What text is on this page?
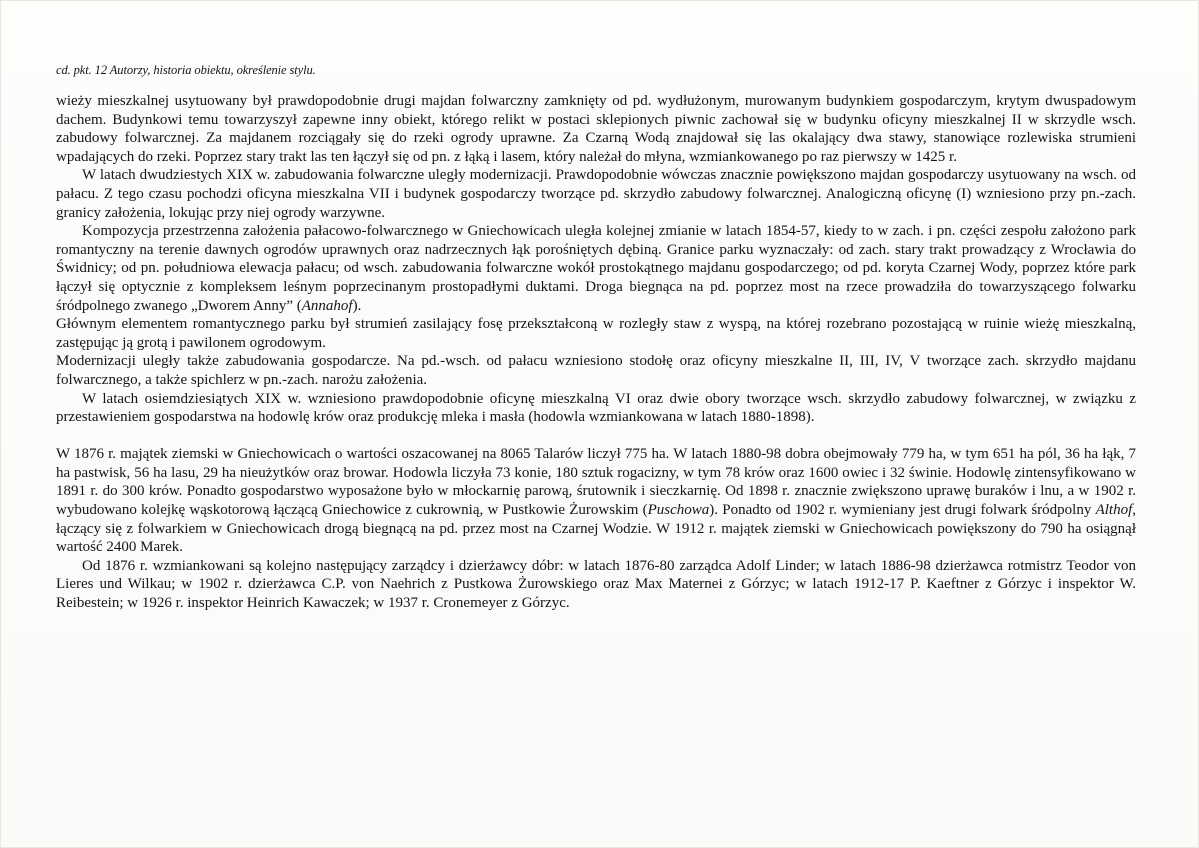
cd. pkt. 12 Autorzy, historia obiektu, określenie stylu.

wieży mieszkalnej usytuowany był prawdopodobnie drugi majdan folwarczny zamknięty od pd. wydłużonym, murowanym budynkiem gospodarczym, krytym dwuspadowym dachem. Budynkowi temu towarzyszył zapewne inny obiekt, którego relikt w postaci sklepionych piwnic zachował się w budynku oficyny mieszkalnej II w skrzydle wsch. zabudowy folwarcznej. Za majdanem rozciągały się do rzeki ogrody uprawne. Za Czarną Wodą znajdował się las okalający dwa stawy, stanowiące rozlewiska strumieni wpadających do rzeki. Poprzez stary trakt las ten łączył się od pn. z łąką i lasem, który należał do młyna, wzmiankowanego po raz pierwszy w 1425 r.

W latach dwudziestych XIX w. zabudowania folwarczne uległy modernizacji. Prawdopodobnie wówczas znacznie powiększono majdan gospodarczy usytuowany na wsch. od pałacu. Z tego czasu pochodzi oficyna mieszkalna VII i budynek gospodarczy tworzące pd. skrzydło zabudowy folwarcznej. Analogiczną oficynę (I) wzniesiono przy pn.-zach. granicy założenia, lokując przy niej ogrody warzywne.

Kompozycja przestrzenna założenia pałacowo-folwarcznego w Gniechowicach uległa kolejnej zmianie w latach 1854-57, kiedy to w zach. i pn. części zespołu założono park romantyczny na terenie dawnych ogrodów uprawnych oraz nadrzecznych łąk porośniętych dębiną. Granice parku wyznaczały: od zach. stary trakt prowadzący z Wrocławia do Świdnicy; od pn. południowa elewacja pałacu; od wsch. zabudowania folwarczne wokół prostokątnego majdanu gospodarczego; od pd. koryta Czarnej Wody, poprzez które park łączył się optycznie z kompleksem leśnym poprzecinanym prostopadłymi duktami. Droga biegnąca na pd. poprzez most na rzece prowadziła do towarzyszącego folwarku śródpolnego zwanego „Dworem Anny” (Annahof).

Głównym elementem romantycznego parku był strumień zasilający fosę przekształconą w rozległy staw z wyspą, na której rozebrano pozostającą w ruinie wieżę mieszkalną, zastępując ją grotą i pawilonem ogrodowym.

Modernizacji uległy także zabudowania gospodarcze. Na pd.-wsch. od pałacu wzniesiono stodołę oraz oficyny mieszkalne II, III, IV, V tworzące zach. skrzydło majdanu folwarcznego, a także spichlerz w pn.-zach. narożu założenia.

W latach osiemdziesiątych XIX w. wzniesiono prawdopodobnie oficynę mieszkalną VI oraz dwie obory tworzące wsch. skrzydło zabudowy folwarcznej, w związku z przestawieniem gospodarstwa na hodowlę krów oraz produkcję mleka i masła (hodowla wzmiankowana w latach 1880-1898).

W 1876 r. majątek ziemski w Gniechowicach o wartości oszacowanej na 8065 Talarów liczył 775 ha. W latach 1880-98 dobra obejmowały 779 ha, w tym 651 ha pól, 36 ha łąk, 7 ha pastwisk, 56 ha lasu, 29 ha nieużytków oraz browar. Hodowla liczyła 73 konie, 180 sztuk rogacizny, w tym 78 krów oraz 1600 owiec i 32 świnie. Hodowlę zintensyfikowano w 1891 r. do 300 krów. Ponadto gospodarstwo wyposażone było w młockarnię parową, śrutownik i sieczkarnię. Od 1898 r. znacznie zwiększono uprawę buraków i lnu, a w 1902 r. wybudowano kolejkę wąskotorową łączącą Gniechowice z cukrownią, w Pustkowie Żurowskim (Puschowa). Ponadto od 1902 r. wymieniany jest drugi folwark śródpolny Althof, łączący się z folwarkiem w Gniechowicach drogą biegnącą na pd. przez most na Czarnej Wodzie. W 1912 r. majątek ziemski w Gniechowicach powiększony do 790 ha osiągnął wartość 2400 Marek.

Od 1876 r. wzmiankowani są kolejno następujący zarządcy i dzierżawcy dóbr: w latach 1876-80 zarządca Adolf Linder; w latach 1886-98 dzierżawca rotmistrz Teodor von Lieres und Wilkau; w 1902 r. dzierżawca C.P. von Naehrich z Pustkowa Żurowskiego oraz Max Maternei z Górzyc; w latach 1912-17 P. Kaeftner z Górzyc i inspektor W. Reibestein; w 1926 r. inspektor Heinrich Kawaczek; w 1937 r. Cronemeyer z Górzyc.
